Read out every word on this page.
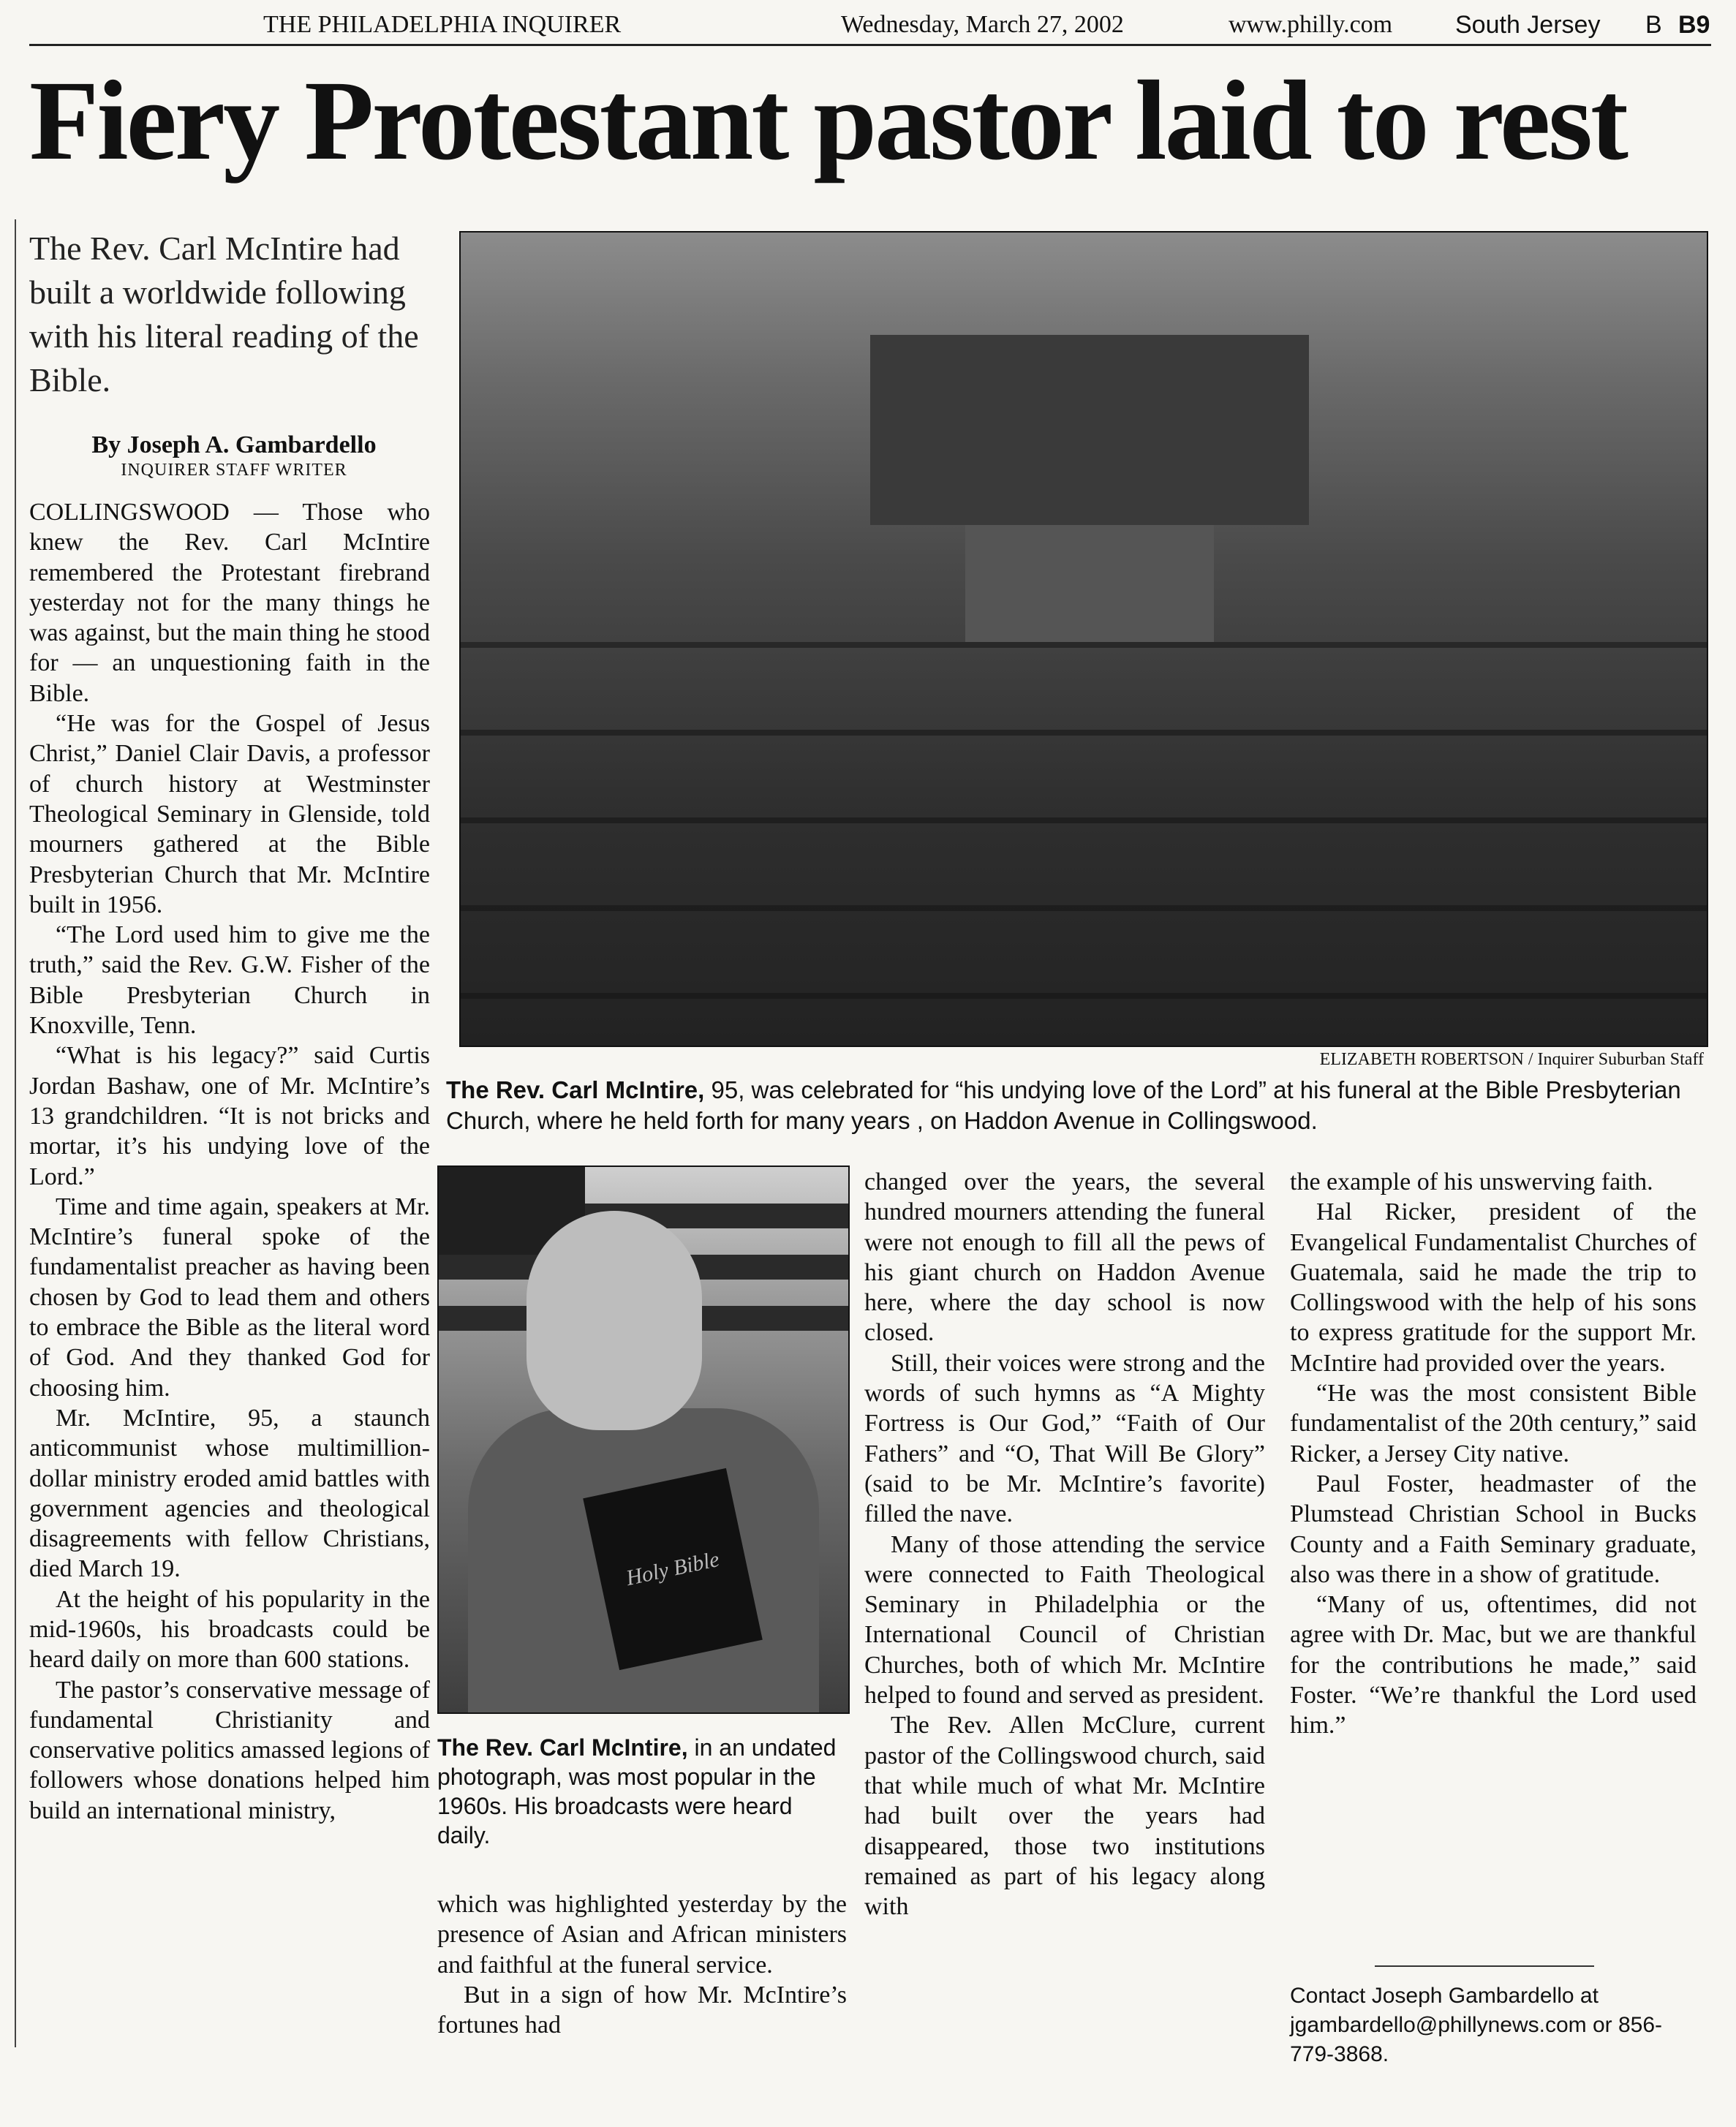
THE PHILADELPHIA INQUIRER	Wednesday, March 27, 2002	www.philly.com	South Jersey B B9
Fiery Protestant pastor laid to rest
The Rev. Carl McIntire had built a worldwide following with his literal reading of the Bible.
By Joseph A. Gambardello
INQUIRER STAFF WRITER

COLLINGSWOOD — Those who knew the Rev. Carl McIntire remembered the Protestant firebrand yesterday not for the many things he was against, but the main thing he stood for — an unquestioning faith in the Bible.

“He was for the Gospel of Jesus Christ,” Daniel Clair Davis, a professor of church history at Westminster Theological Seminary in Glenside, told mourners gathered at the Bible Presbyterian Church that Mr. McIntire built in 1956.

“The Lord used him to give me the truth,” said the Rev. G.W. Fisher of the Bible Presbyterian Church in Knoxville, Tenn.

“What is his legacy?” said Curtis Jordan Bashaw, one of Mr. McIntire’s 13 grandchildren. “It is not bricks and mortar, it’s his undying love of the Lord.”

Time and time again, speakers at Mr. McIntire’s funeral spoke of the fundamentalist preacher as having been chosen by God to lead them and others to embrace the Bible as the literal word of God. And they thanked God for choosing him.

Mr. McIntire, 95, a staunch anticommunist whose multimillion-dollar ministry eroded amid battles with government agencies and theological disagreements with fellow Christians, died March 19.

At the height of his popularity in the mid-1960s, his broadcasts could be heard daily on more than 600 stations.

The pastor’s conservative message of fundamental Christianity and conservative politics amassed legions of followers whose donations helped him build an international ministry,

ELIZABETH ROBERTSON / Inquirer Suburban Staff
The Rev. Carl McIntire, 95, was celebrated for “his undying love of the Lord” at his funeral at the Bible Presbyterian Church, where he held forth for many years , on Haddon Avenue in Collingswood.
Holy Bible
The Rev. Carl McIntire, in an undated photograph, was most popular in the 1960s. His broadcasts were heard daily.

which was highlighted yesterday by the presence of Asian and African ministers and faithful at the funeral service.

But in a sign of how Mr. McIntire’s fortunes had

changed over the years, the several hundred mourners attending the funeral were not enough to fill all the pews of his giant church on Haddon Avenue here, where the day school is now closed.

Still, their voices were strong and the words of such hymns as “A Mighty Fortress is Our God,” “Faith of Our Fathers” and “O, That Will Be Glory” (said to be Mr. McIntire’s favorite) filled the nave.

Many of those attending the service were connected to Faith Theological Seminary in Philadelphia or the International Council of Christian Churches, both of which Mr. McIntire helped to found and served as president.

The Rev. Allen McClure, current pastor of the Collingswood church, said that while much of what Mr. McIntire had built over the years had disappeared, those two institutions remained as part of his legacy along with

the example of his unswerving faith.

Hal Ricker, president of the Evangelical Fundamentalist Churches of Guatemala, said he made the trip to Collingswood with the help of his sons to express gratitude for the support Mr. McIntire had provided over the years.

“He was the most consistent Bible fundamentalist of the 20th century,” said Ricker, a Jersey City native.

Paul Foster, headmaster of the Plumstead Christian School in Bucks County and a Faith Seminary graduate, also was there in a show of gratitude.

“Many of us, oftentimes, did not agree with Dr. Mac, but we are thankful for the contributions he made,” said Foster. “We’re thankful the Lord used him.”

Contact Joseph Gambardello at jgambardello@phillynews.com or 856-779-3868.
